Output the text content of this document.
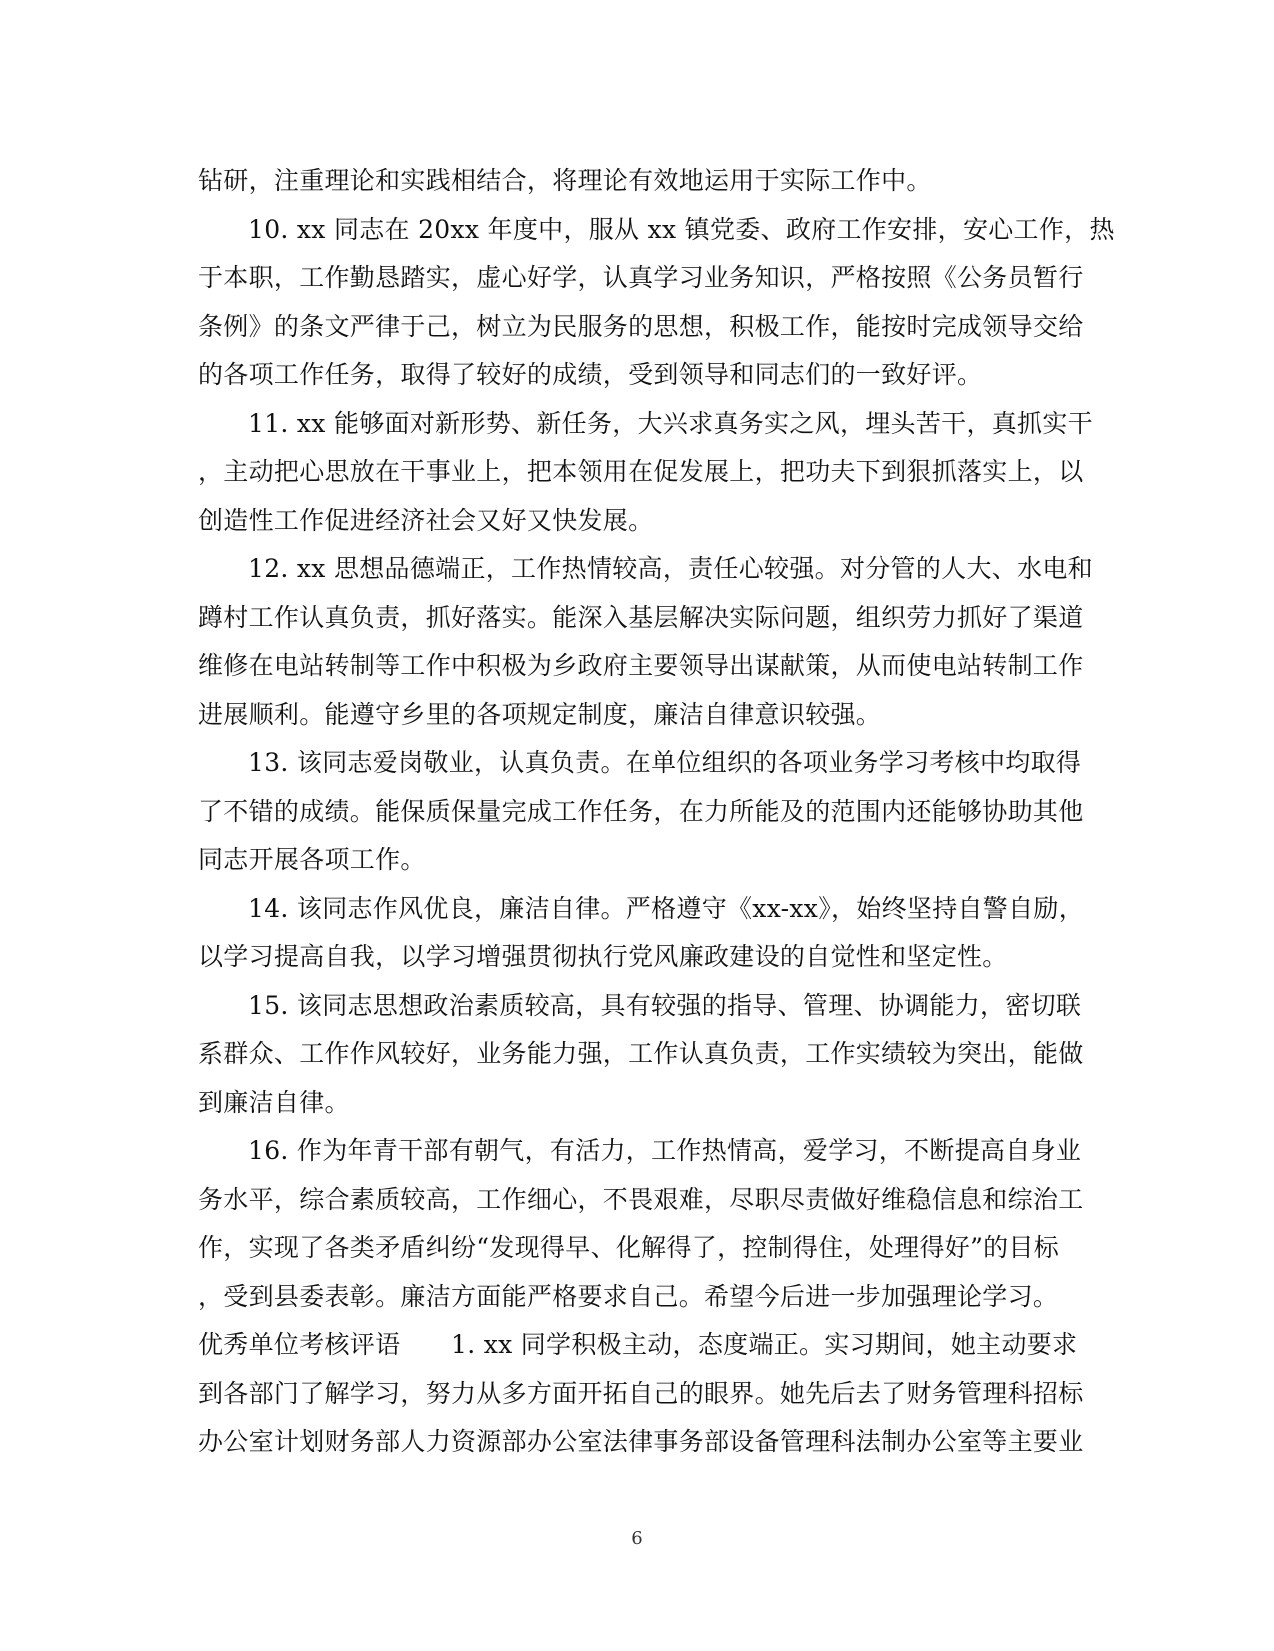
钻研，注重理论和实践相结合，将理论有效地运用于实际工作中。
10. xx 同志在 20xx 年度中，服从 xx 镇党委、政府工作安排，安心工作，热
于本职，工作勤恳踏实，虚心好学，认真学习业务知识，严格按照《公务员暂行
条例》的条文严律于己，树立为民服务的思想，积极工作，能按时完成领导交给
的各项工作任务，取得了较好的成绩，受到领导和同志们的一致好评。
11. xx 能够面对新形势、新任务，大兴求真务实之风，埋头苦干，真抓实干
，主动把心思放在干事业上，把本领用在促发展上，把功夫下到狠抓落实上，以
创造性工作促进经济社会又好又快发展。
12. xx 思想品德端正，工作热情较高，责任心较强。对分管的人大、水电和
蹲村工作认真负责，抓好落实。能深入基层解决实际问题，组织劳力抓好了渠道
维修在电站转制等工作中积极为乡政府主要领导出谋献策，从而使电站转制工作
进展顺利。能遵守乡里的各项规定制度，廉洁自律意识较强。
13. 该同志爱岗敬业，认真负责。在单位组织的各项业务学习考核中均取得
了不错的成绩。能保质保量完成工作任务，在力所能及的范围内还能够协助其他
同志开展各项工作。
14. 该同志作风优良，廉洁自律。严格遵守《xx-xx》，始终坚持自警自励，
以学习提高自我，以学习增强贯彻执行党风廉政建设的自觉性和坚定性。
15. 该同志思想政治素质较高，具有较强的指导、管理、协调能力，密切联
系群众、工作作风较好，业务能力强，工作认真负责，工作实绩较为突出，能做
到廉洁自律。
16. 作为年青干部有朝气，有活力，工作热情高，爱学习，不断提高自身业
务水平，综合素质较高，工作细心，不畏艰难，尽职尽责做好维稳信息和综治工
作，实现了各类矛盾纠纷“发现得早、化解得了，控制得住，处理得好”的目标
，受到县委表彰。廉洁方面能严格要求自己。希望今后进一步加强理论学习。
优秀单位考核评语　　1. xx 同学积极主动，态度端正。实习期间，她主动要求
到各部门了解学习，努力从多方面开拓自己的眼界。她先后去了财务管理科招标
办公室计划财务部人力资源部办公室法律事务部设备管理科法制办公室等主要业
6
